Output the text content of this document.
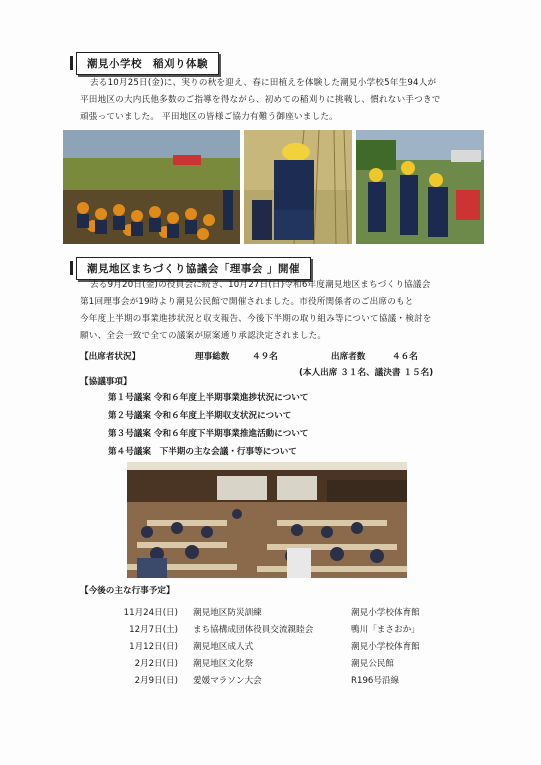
潮見小学校　稲刈り体験
去る10月25日(金)に、実りの秋を迎え、春に田植えを体験した潮見小学校5年生94人が
平田地区の大内氏他多数のご指導を得ながら、初めての稲刈りに挑戦し、慣れない手つきで
頑張っていました。 平田地区の皆様ご協力有難う御座いました。
潮見地区まちづくり協議会「理事会 」開催
去る9月20日(金)の役員会に続き、10月27日(日)令和6年度潮見地区まちづくり協議会
第1回理事会が19時より潮見公民館で開催されました。市役所関係者のご出席のもと
今年度上半期の事業進捗状況と収支報告、今後下半期の取り組み等について協議・検討を
願い、全会一致で全ての議案が原案通り承認決定されました。
【出席者状況】	理事総数	４９名	出席者数	４６名
(本人出席 ３１名、議決書 １５名)
【協議事項】
第１号議案 令和６年度上半期事業進捗状況について
第２号議案 令和６年度上半期収支状況について
第３号議案 令和６年度下半期事業推進活動について
第４号議案　下半期の主な会議・行事等について
【今後の主な行事予定】
11月24日(日) 潮見地区防災訓練	潮見小学校体育館
12月7日(土) まち協構成団体役員交流親睦会	鴨川「まさおか」
1月12日(日) 潮見地区成人式	潮見小学校体育館
2月2日(日) 潮見地区文化祭	潮見公民館
2月9日(日) 愛媛マラソン大会	R196号沿線
